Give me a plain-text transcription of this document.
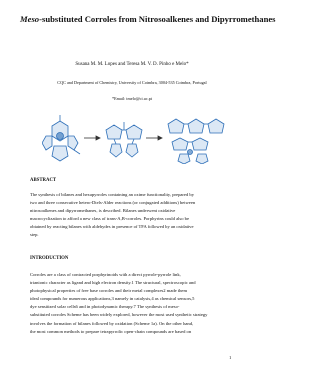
Meso-substituted Corroles from Nitrosoalkenes and Dipyrromethanes
Susana M. M. Lopes and Teresa M. V. D. Pinho e Melo*
CQC and Department of Chemistry, University of Coimbra, 3004-535 Coimbra, Portugal
*Email: tmelo@ci.uc.pt
ABSTRACT
The synthesis of bilanes and hexapyrroles containing an oxime functionality, prepared by
two and three consecutive hetero-Diels-Alder reactions (or conjugated additions) between
nitrosoalkenes and dipyrromethanes, is described. Bilanes underwent oxidative
macrocyclization to afford a new class of trans-A,B-corroles. Porphyrins could also be
obtained by reacting bilanes with aldehydes in presence of TFA followed by an oxidative
step.
INTRODUCTION
Corroles are a class of contracted porphyrinoids with a direct pyrrole-pyrrole link,
trianionic character as ligand and high electron density.1 The structural, spectroscopic and
photophysical properties of free base corroles and their metal complexes2 made them
ideal compounds for numerous applications,3 namely in catalysis,4 as chemical sensors,5
dye sensitized solar cells6 and in photodynamic therapy.7 The synthesis of meso-
substituted corroles Scheme has been widely explored, however the most used synthetic strategy
involves the formation of bilanes followed by oxidation (Scheme 1a). On the other hand,
the most common methods to prepare tetrapyrrolic open-chain compounds are based on
1
